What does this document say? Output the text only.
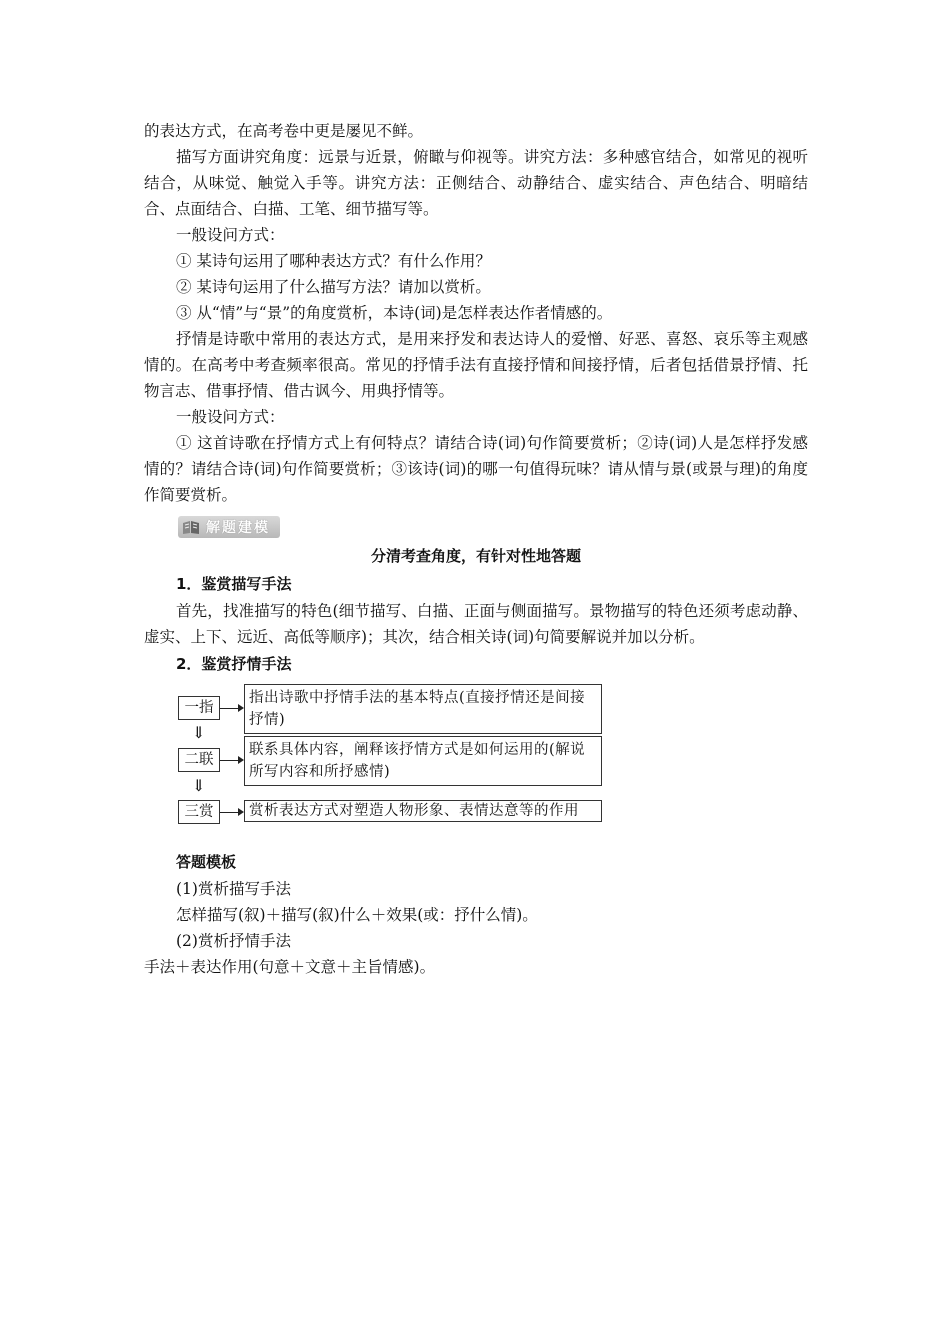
的表达方式，在高考卷中更是屡见不鲜。

描写方面讲究角度：远景与近景，俯瞰与仰视等。讲究方法：多种感官结合，如常见的视听结合，从味觉、触觉入手等。讲究方法：正侧结合、动静结合、虚实结合、声色结合、明暗结合、点面结合、白描、工笔、细节描写等。

一般设问方式：

① 某诗句运用了哪种表达方式？有什么作用？

② 某诗句运用了什么描写方法？请加以赏析。

③ 从“情”与“景”的角度赏析，本诗(词)是怎样表达作者情感的。

抒情是诗歌中常用的表达方式，是用来抒发和表达诗人的爱憎、好恶、喜怒、哀乐等主观感情的。在高考中考查频率很高。常见的抒情手法有直接抒情和间接抒情，后者包括借景抒情、托物言志、借事抒情、借古讽今、用典抒情等。

一般设问方式：

① 这首诗歌在抒情方式上有何特点？请结合诗(词)句作简要赏析；②诗(词)人是怎样抒发感情的？请结合诗(词)句作简要赏析；③该诗(词)的哪一句值得玩味？请从情与景(或景与理)的角度作简要赏析。

解题建模

分清考查角度，有针对性地答题

1．鉴赏描写手法

首先，找准描写的特色(细节描写、白描、正面与侧面描写。景物描写的特色还须考虑动静、虚实、上下、远近、高低等顺序)；其次，结合相关诗(词)句简要解说并加以分析。

2．鉴赏抒情手法

一指
指出诗歌中抒情手法的基本特点(直接抒情还是间接抒情)
⇓
二联
联系具体内容，阐释该抒情方式是如何运用的(解说所写内容和所抒感情)
⇓
三赏	赏析表达方式对塑造人物形象、表情达意等的作用

答题模板

(1)赏析描写手法

怎样描写(叙)＋描写(叙)什么＋效果(或：抒什么情)。

(2)赏析抒情手法

手法＋表达作用(句意＋文意＋主旨情感)。
